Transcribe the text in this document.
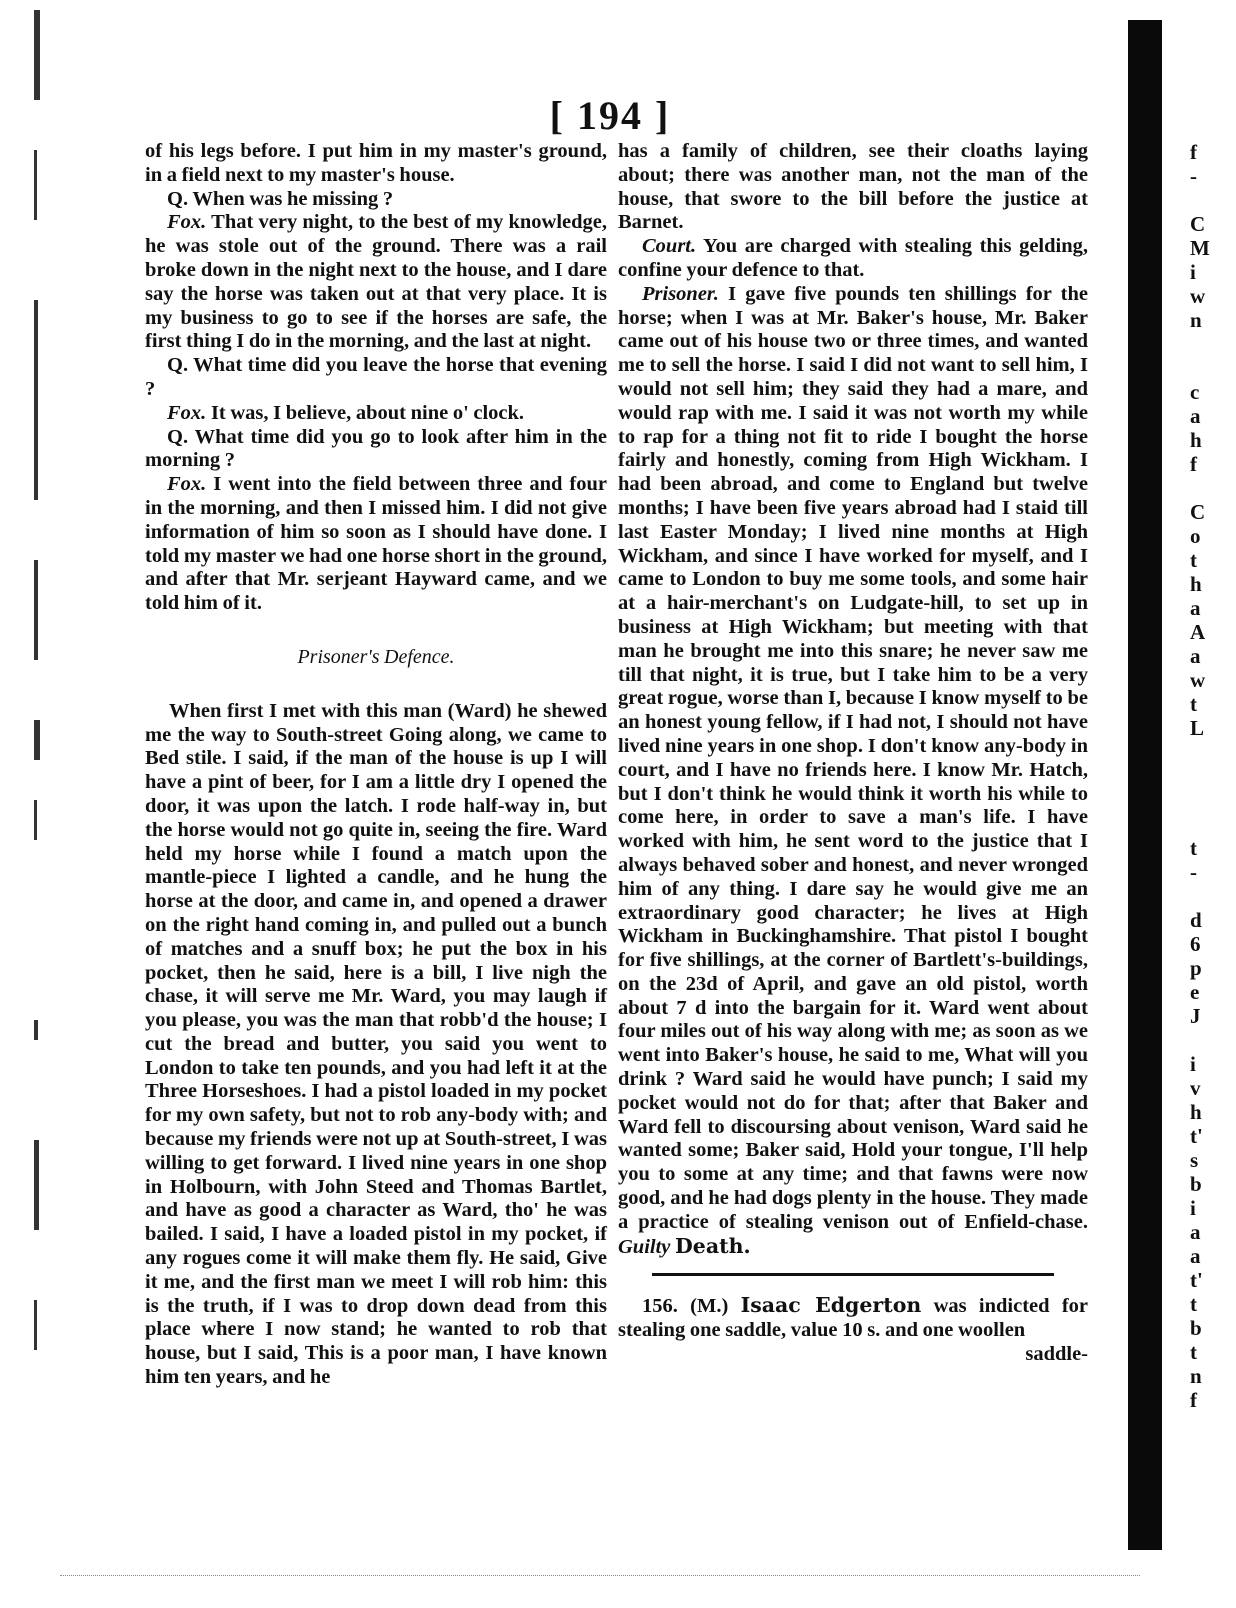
f
-
C
M
i
w
n
c
a
h
f
C
o
t
h
a
A
a
w
t
L
t
-
d
6
p
e
J
i
v
h
t'
s
b
i
a
a
t'
t
b
t
n
f
[ 194 ]

of his legs before. I put him in my master's ground, in a field next to my master's house.

Q. When was he missing ?

Fox. That very night, to the best of my knowledge, he was stole out of the ground. There was a rail broke down in the night next to the house, and I dare say the horse was taken out at that very place. It is my business to go to see if the horses are safe, the first thing I do in the morning, and the last at night.

Q. What time did you leave the horse that evening ?

Fox. It was, I believe, about nine o' clock.

Q. What time did you go to look after him in the morning ?

Fox. I went into the field between three and four in the morning, and then I missed him. I did not give information of him so soon as I should have done. I told my master we had one horse short in the ground, and after that Mr. serjeant Hayward came, and we told him of it.

Prisoner's Defence.

When first I met with this man (Ward) he shewed me the way to South-street Going along, we came to Bed stile. I said, if the man of the house is up I will have a pint of beer, for I am a little dry I opened the door, it was upon the latch. I rode half-way in, but the horse would not go quite in, seeing the fire. Ward held my horse while I found a match upon the mantle-piece I lighted a candle, and he hung the horse at the door, and came in, and opened a drawer on the right hand coming in, and pulled out a bunch of matches and a snuff box; he put the box in his pocket, then he said, here is a bill, I live nigh the chase, it will serve me Mr. Ward, you may laugh if you please, you was the man that robb'd the house; I cut the bread and butter, you said you went to London to take ten pounds, and you had left it at the Three Horseshoes. I had a pistol loaded in my pocket for my own safety, but not to rob any-body with; and because my friends were not up at South-street, I was willing to get forward. I lived nine years in one shop in Holbourn, with John Steed and Thomas Bartlet, and have as good a character as Ward, tho' he was bailed. I said, I have a loaded pistol in my pocket, if any rogues come it will make them fly. He said, Give it me, and the first man we meet I will rob him: this is the truth, if I was to drop down dead from this place where I now stand; he wanted to rob that house, but I said, This is a poor man, I have known him ten years, and he

has a family of children, see their cloaths laying about; there was another man, not the man of the house, that swore to the bill before the justice at Barnet.

Court. You are charged with stealing this gelding, confine your defence to that.

Prisoner. I gave five pounds ten shillings for the horse; when I was at Mr. Baker's house, Mr. Baker came out of his house two or three times, and wanted me to sell the horse. I said I did not want to sell him, I would not sell him; they said they had a mare, and would rap with me. I said it was not worth my while to rap for a thing not fit to ride I bought the horse fairly and honestly, coming from High Wickham. I had been abroad, and come to England but twelve months; I have been five years abroad had I staid till last Easter Monday; I lived nine months at High Wickham, and since I have worked for myself, and I came to London to buy me some tools, and some hair at a hair-merchant's on Ludgate-hill, to set up in business at High Wickham; but meeting with that man he brought me into this snare; he never saw me till that night, it is true, but I take him to be a very great rogue, worse than I, because I know myself to be an honest young fellow, if I had not, I should not have lived nine years in one shop. I don't know any-body in court, and I have no friends here. I know Mr. Hatch, but I don't think he would think it worth his while to come here, in order to save a man's life. I have worked with him, he sent word to the justice that I always behaved sober and honest, and never wronged him of any thing. I dare say he would give me an extraordinary good character; he lives at High Wickham in Buckinghamshire. That pistol I bought for five shillings, at the corner of Bartlett's-buildings, on the 23d of April, and gave an old pistol, worth about 7 d into the bargain for it. Ward went about four miles out of his way along with me; as soon as we went into Baker's house, he said to me, What will you drink ? Ward said he would have punch; I said my pocket would not do for that; after that Baker and Ward fell to discoursing about venison, Ward said he wanted some; Baker said, Hold your tongue, I'll help you to some at any time; and that fawns were now good, and he had dogs plenty in the house. They made a practice of stealing venison out of Enfield-chase. Guilty Death.

156. (M.) Isaac Edgerton was indicted for stealing one saddle, value 10 s. and one woollen

saddle-
